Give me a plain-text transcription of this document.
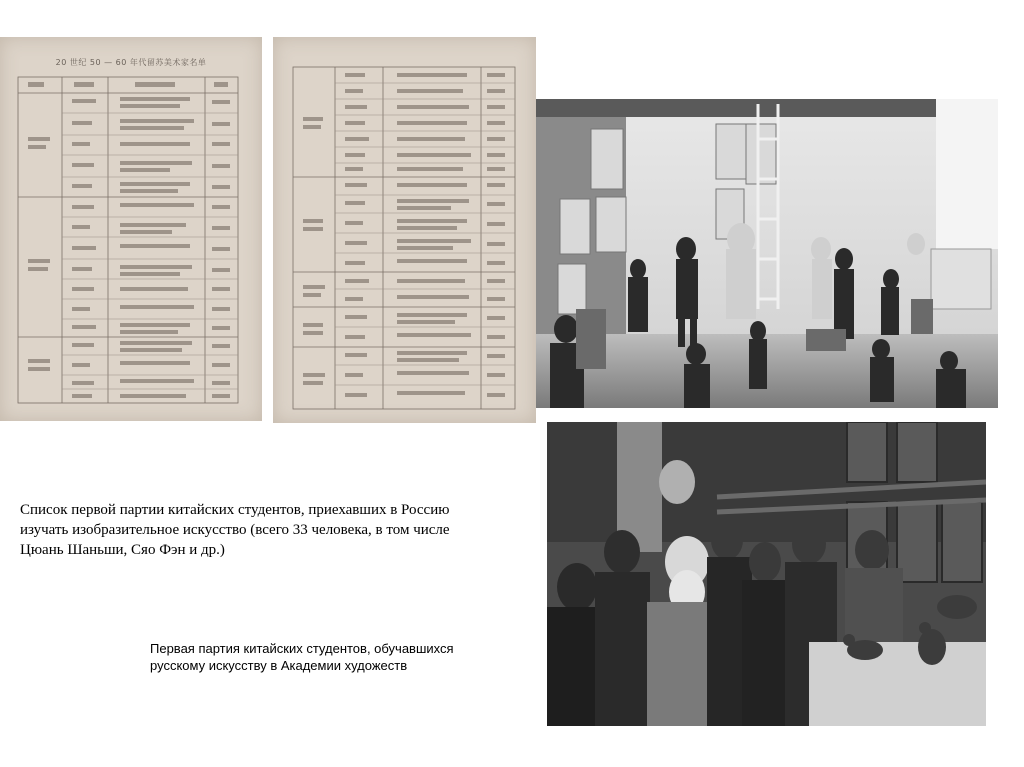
20 世纪 50 — 60 年代留苏美术家名单
Список первой партии китайских студентов, приехавших в Россию изучать изобразительное искусство (всего 33 человека, в том числе Цюань Шаньши, Сяо Фэн и др.)
Первая партия китайских студентов, обучавшихся русскому искусству в Академии художеств
